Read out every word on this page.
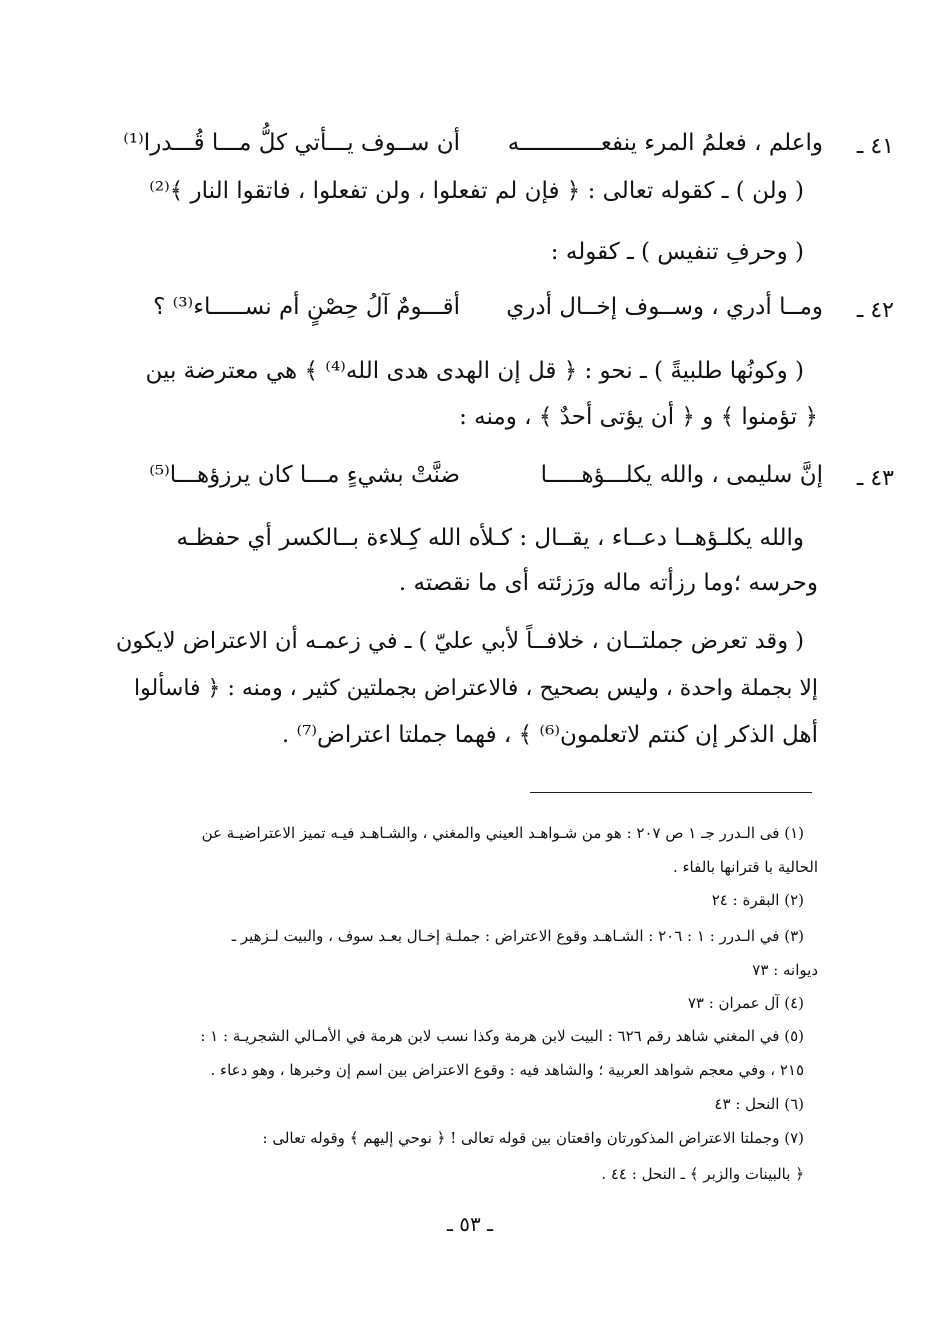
٤١ ـ
واعلم ، فعلمُ المرء ينفعــــــــــــه
أن ســوف يـــأتي كلُّ مـــا قُـــدرا⁽¹⁾

( ولن ) ـ كقوله تعالى : ﴿ فإن لم تفعلوا ، ولن تفعلوا ، فاتقوا النار ﴾⁽²⁾

( وحرفِ تنفيس ) ـ كقوله :

٤٢ ـ
ومــا أدري ، وســوف إخــال أدري
أقـــومٌ آلُ حِصْنٍ أم نســـــاء⁽³⁾ ؟

( وكونُها طلبيةً ) ـ نحو : ﴿ قل إن الهدى هدى الله⁽⁴⁾ ﴾ هي معترضة بين

﴿ تؤمنوا ﴾ و ﴿ أن يؤتى أحدٌ ﴾ ، ومنه :

٤٣ ـ
إنَّ سليمى ، والله يكلـــؤهـــــا
ضنَّتْ بشيءٍ مـــا كان يرزؤهـــا⁽⁵⁾

والله يكلـؤهــا دعــاء ، يقــال : كـلأه الله كِـلاءة بــالكسر أي حفظـه

وحرسه ؛وما رزأته ماله ورَزئته أى ما نقصته .

( وقد تعرض جملتــان ، خلافــاً لأبي عليّ ) ـ في زعمـه أن الاعتراض لايكون

إلا بجملة واحدة ، وليس بصحيح ، فالاعتراض بجملتين كثير ، ومنه : ﴿ فاسألوا

أهل الذكر إن كنتم لاتعلمون⁽⁶⁾ ﴾ ، فهما جملتا اعتراض⁽⁷⁾ .

(١) فى الـدرر جـ ١ ص ٢٠٧ : هو من شـواهـد العيني والمغني ، والشـاهـد فيـه تميز الاعتراضيـة عن

الحالية با قترانها بالفاء .

(٢) البقرة : ٢٤

(٣) في الـدرر : ١ : ٢٠٦ : الشـاهـد وقوع الاعتراض : جملـة إخـال بعـد سوف ، والبيت لـزهير ـ

ديوانه : ٧٣

(٤) آل عمران : ٧٣

(٥) في المغني شاهد رقم ٦٢٦ : البيت لابن هرمة وكذا نسب لابن هرمة في الأمـالي الشجريـة : ١ :

٢١٥ ، وفي معجم شواهد العربية ؛ والشاهد فيه : وقوع الاعتراض بين اسم إن وخبرها ، وهو دعاء .

(٦) النحل : ٤٣

(٧) وجملتا الاعتراض المذكورتان واقعتان بين قوله تعالى ! ﴿ نوحي إليهم ﴾ وقوله تعالى :

﴿ بالبينات والزبر ﴾ ـ النحل : ٤٤ .

ـ ٥٣ ـ
